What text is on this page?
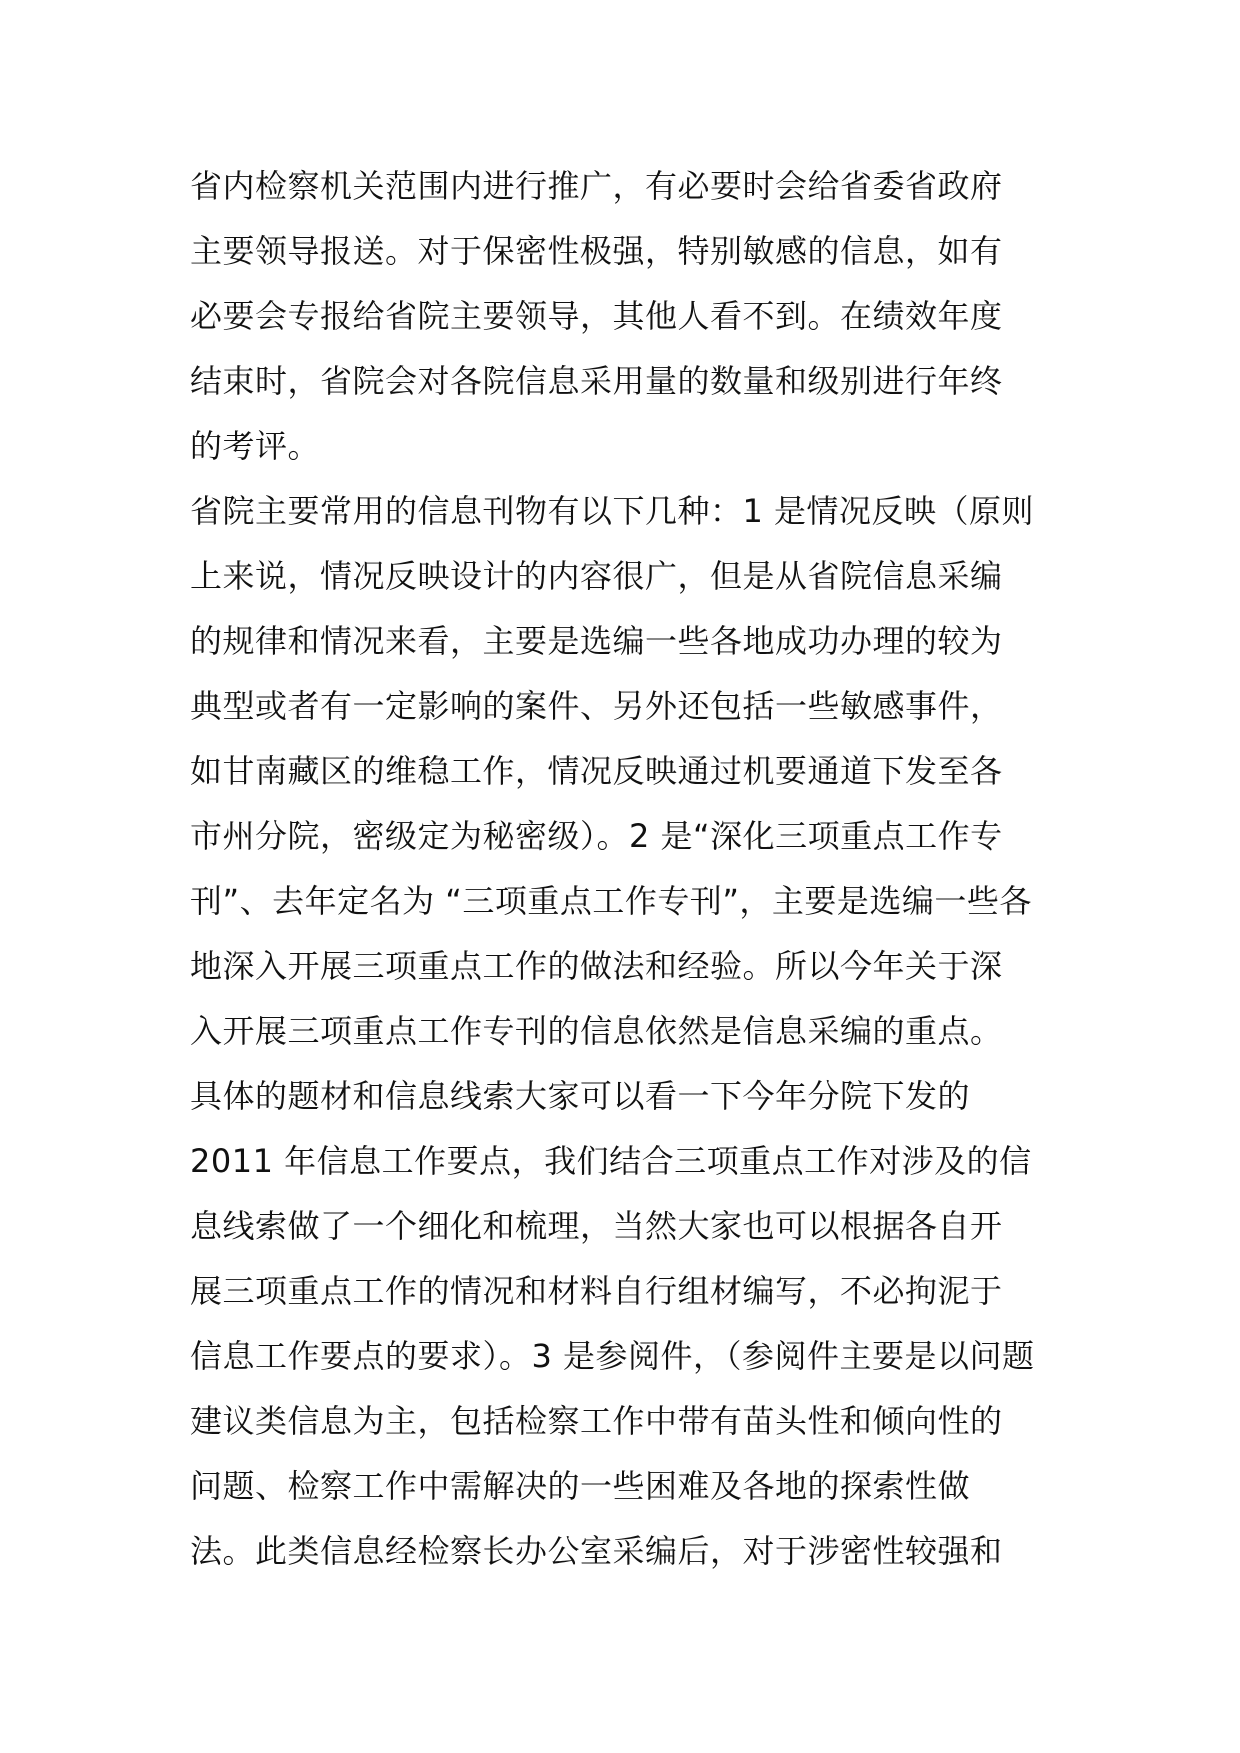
省内检察机关范围内进行推广，有必要时会给省委省政府
主要领导报送。对于保密性极强，特别敏感的信息，如有
必要会专报给省院主要领导，其他人看不到。在绩效年度
结束时，省院会对各院信息采用量的数量和级别进行年终
的考评。
省院主要常用的信息刊物有以下几种：1 是情况反映（原则
上来说，情况反映设计的内容很广，但是从省院信息采编
的规律和情况来看，主要是选编一些各地成功办理的较为
典型或者有一定影响的案件、另外还包括一些敏感事件，
如甘南藏区的维稳工作，情况反映通过机要通道下发至各
市州分院，密级定为秘密级）。2 是“深化三项重点工作专
刊”、去年定名为 “三项重点工作专刊”，主要是选编一些各
地深入开展三项重点工作的做法和经验。所以今年关于深
入开展三项重点工作专刊的信息依然是信息采编的重点。
具体的题材和信息线索大家可以看一下今年分院下发的
2011 年信息工作要点，我们结合三项重点工作对涉及的信
息线索做了一个细化和梳理，当然大家也可以根据各自开
展三项重点工作的情况和材料自行组材编写，不必拘泥于
信息工作要点的要求）。3 是参阅件，（参阅件主要是以问题
建议类信息为主，包括检察工作中带有苗头性和倾向性的
问题、检察工作中需解决的一些困难及各地的探索性做
法。此类信息经检察长办公室采编后，对于涉密性较强和
